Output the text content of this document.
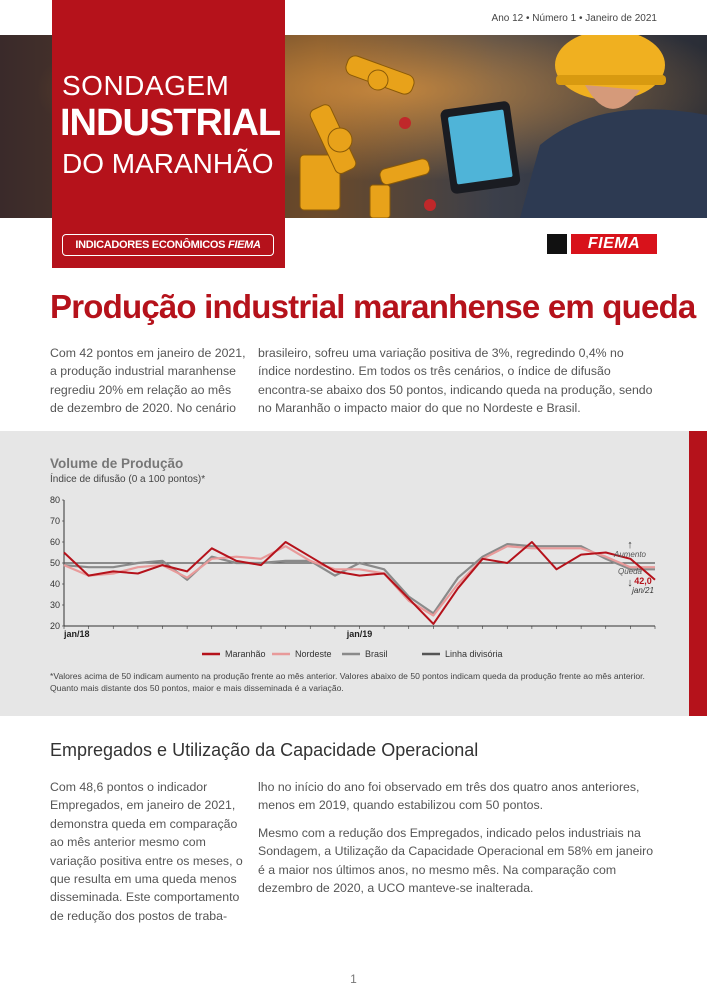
SONDAGEM
INDUSTRIAL
DO MARANHÃO
INDICADORES ECONÔMICOS FIEMA
Ano 12 • Número 1 • Janeiro de 2021
FIEMA
Produção industrial maranhense em queda
Com 42 pontos em janeiro de 2021, a produção industrial maranhense regrediu 20% em relação ao mês de dezembro de 2020. No cenário
brasileiro, sofreu uma variação positiva de 3%, regredindo 0,4% no índice nordestino. Em todos os três cenários, o índice de difusão encontra-se abaixo dos 50 pontos, indicando queda na produção, sendo no Maranhão o impacto maior do que no Nordeste e Brasil.
Volume de Produção
Índice de difusão (0 a 100 pontos)*
80
70
60
50
40
30
20
jan/18	jan/19
↑
Aumento
Queda
↓ 42,0
jan/21
Maranhão	Nordeste	Brasil	Linha divisória
*Valores acima de 50 indicam aumento na produção frente ao mês anterior. Valores abaixo de 50 pontos indicam queda da produção frente ao mês anterior. Quanto mais distante dos 50 pontos, maior e mais disseminada é a variação.
Empregados e Utilização da Capacidade Operacional
Com 48,6 pontos o indicador Empregados, em janeiro de 2021, demonstra queda em comparação ao mês anterior mesmo com variação positiva entre os meses, o que resulta em uma queda menos disseminada. Este comportamento de redução dos postos de traba-

lho no início do ano foi observado em três dos quatro anos anteriores, menos em 2019, quando estabilizou com 50 pontos.

Mesmo com a redução dos Empregados, indicado pelos industriais na Sondagem, a Utilização da Capacidade Operacional em 58% em janeiro é a maior nos últimos anos, no mesmo mês. Na comparação com dezembro de 2020, a UCO manteve-se inalterada.

1
